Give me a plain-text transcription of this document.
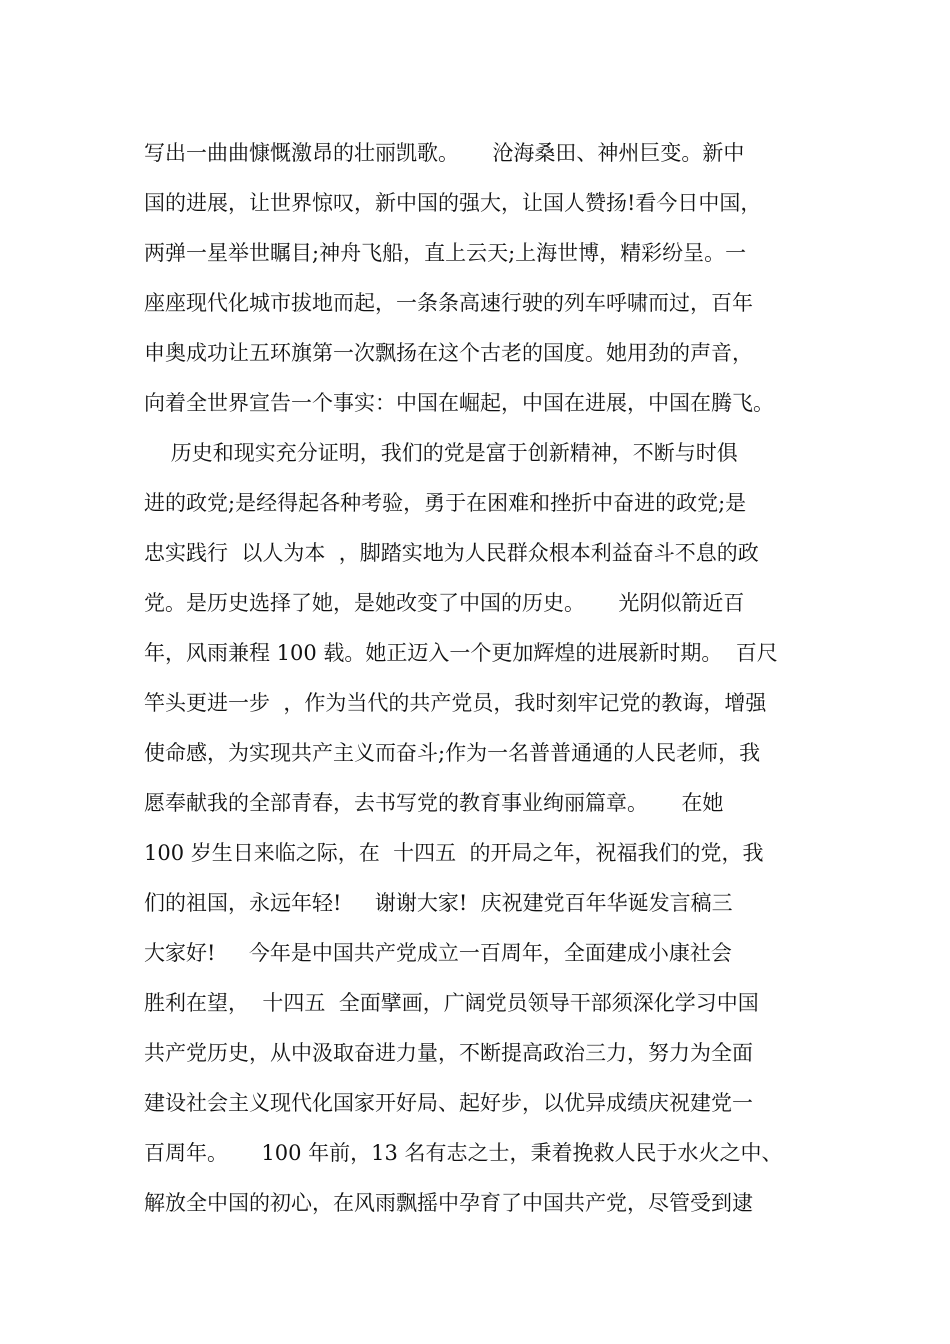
写出一曲曲慷慨激昂的壮丽凯歌。     沧海桑田、神州巨变。新中
国的进展，让世界惊叹，新中国的强大，让国人赞扬!看今日中国，
两弹一星举世瞩目;神舟飞船，直上云天;上海世博，精彩纷呈。一
座座现代化城市拔地而起，一条条高速行驶的列车呼啸而过，百年
申奥成功让五环旗第一次飘扬在这个古老的国度。她用劲的声音，
向着全世界宣告一个事实：中国在崛起，中国在进展，中国在腾飞。
历史和现实充分证明，我们的党是富于创新精神，不断与时俱
进的政党;是经得起各种考验，勇于在困难和挫折中奋进的政党;是
忠实践行  以人为本  ，脚踏实地为人民群众根本利益奋斗不息的政
党。是历史选择了她，是她改变了中国的历史。     光阴似箭近百
年，风雨兼程 100 载。她正迈入一个更加辉煌的进展新时期。  百尺
竿头更进一步  ，作为当代的共产党员，我时刻牢记党的教诲，增强
使命感，为实现共产主义而奋斗;作为一名普普通通的人民老师，我
愿奉献我的全部青春，去书写党的教育事业绚丽篇章。     在她
100 岁生日来临之际，在  十四五  的开局之年，祝福我们的党，我
们的祖国，永远年轻!     谢谢大家!  庆祝建党百年华诞发言稿三
大家好!     今年是中国共产党成立一百周年，全面建成小康社会
胜利在望，  十四五  全面擘画，广阔党员领导干部须深化学习中国
共产党历史，从中汲取奋进力量，不断提高政治三力，努力为全面
建设社会主义现代化国家开好局、起好步，以优异成绩庆祝建党一
百周年。     100 年前，13 名有志之士，秉着挽救人民于水火之中、
解放全中国的初心，在风雨飘摇中孕育了中国共产党，尽管受到逮
